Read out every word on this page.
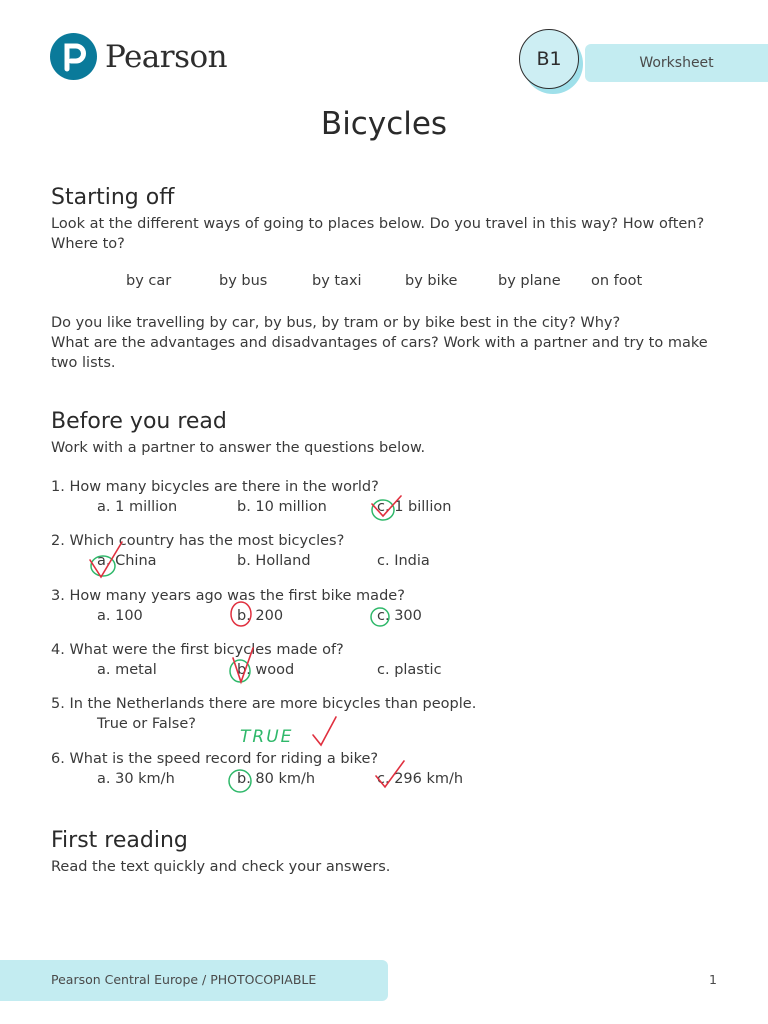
Pearson	B1	Worksheet
Bicycles
Starting off
Look at the different ways of going to places below. Do you travel in this way? How often? Where to?
by car	by bus	by taxi	by bike	by plane on foot
Do you like travelling by car, by bus, by tram or by bike best in the city? Why?
What are the advantages and disadvantages of cars? Work with a partner and try to make two lists.
Before you read
Work with a partner to answer the questions below.
1. How many bicycles are there in the world?
a. 1 million	b. 10 million	c. 1 billion
2. Which country has the most bicycles?
a. China	b. Holland	c. India
3. How many years ago was the first bike made?
a. 100	b. 200	c. 300
4. What were the first bicycles made of?
a. metal	b. wood	c. plastic
5. In the Netherlands there are more bicycles than people.
True or False?
6. What is the speed record for riding a bike?
a. 30 km/h	b. 80 km/h	c. 296 km/h
First reading
Read the text quickly and check your answers.
TRUE
Pearson Central Europe / PHOTOCOPIABLE	1
